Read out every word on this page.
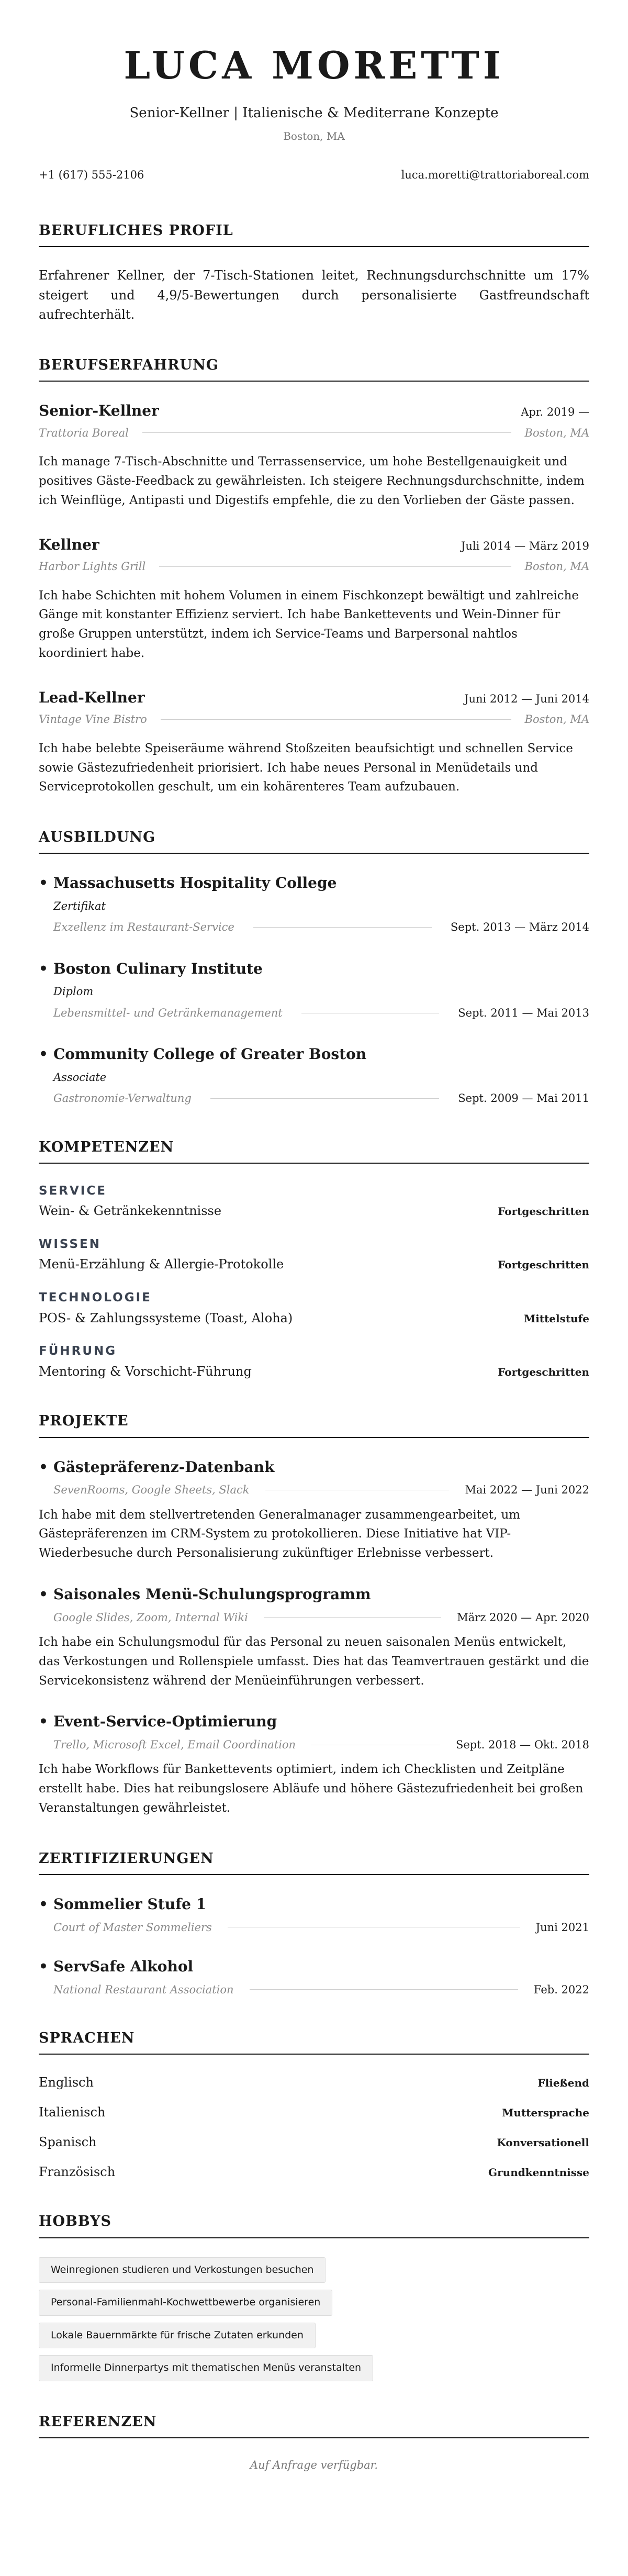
LUCA MORETTI
Senior-Kellner | Italienische & Mediterrane Konzepte
Boston, MA
+1 (617) 555-2106	luca.moretti@trattoriaboreal.com
BERUFLICHES PROFIL

Erfahrener Kellner, der 7-Tisch-Stationen leitet, Rechnungsdurchschnitte um 17% steigert und 4,9/5-Bewertungen durch personalisierte Gastfreundschaft aufrechterhält.

BERUFSERFAHRUNG
Senior-Kellner	Apr. 2019 —
Trattoria Boreal	Boston, MA

Ich manage 7-Tisch-Abschnitte und Terrassenservice, um hohe Bestellgenauigkeit und positives Gäste-Feedback zu gewährleisten. Ich steigere Rechnungsdurchschnitte, indem ich Weinflüge, Antipasti und Digestifs empfehle, die zu den Vorlieben der Gäste passen.

Kellner	Juli 2014 — März 2019
Harbor Lights Grill	Boston, MA

Ich habe Schichten mit hohem Volumen in einem Fischkonzept bewältigt und zahlreiche Gänge mit konstanter Effizienz serviert. Ich habe Bankettevents und Wein-Dinner für große Gruppen unterstützt, indem ich Service-Teams und Barpersonal nahtlos koordiniert habe.

Lead-Kellner	Juni 2012 — Juni 2014
Vintage Vine Bistro	Boston, MA

Ich habe belebte Speiseräume während Stoßzeiten beaufsichtigt und schnellen Service sowie Gästezufriedenheit priorisiert. Ich habe neues Personal in Menüdetails und Serviceprotokollen geschult, um ein kohärenteres Team aufzubauen.

AUSBILDUNG
• Massachusetts Hospitality College
Zertifikat
Exzellenz im Restaurant-Service	Sept. 2013 — März 2014
• Boston Culinary Institute
Diplom
Lebensmittel- und Getränkemanagement	Sept. 2011 — Mai 2013
• Community College of Greater Boston
Associate
Gastronomie-Verwaltung	Sept. 2009 — Mai 2011
KOMPETENZEN
SERVICE
Wein- & Getränkekenntnisse	Fortgeschritten
WISSEN
Menü-Erzählung & Allergie-Protokolle	Fortgeschritten
TECHNOLOGIE
POS- & Zahlungssysteme (Toast, Aloha)	Mittelstufe
FÜHRUNG
Mentoring & Vorschicht-Führung	Fortgeschritten
PROJEKTE
• Gästepräferenz-Datenbank
SevenRooms, Google Sheets, Slack	Mai 2022 — Juni 2022

Ich habe mit dem stellvertretenden Generalmanager zusammengearbeitet, um Gästepräferenzen im CRM-System zu protokollieren. Diese Initiative hat VIP-Wiederbesuche durch Personalisierung zukünftiger Erlebnisse verbessert.

• Saisonales Menü-Schulungsprogramm
Google Slides, Zoom, Internal Wiki	März 2020 — Apr. 2020

Ich habe ein Schulungsmodul für das Personal zu neuen saisonalen Menüs entwickelt, das Verkostungen und Rollenspiele umfasst. Dies hat das Teamvertrauen gestärkt und die Servicekonsistenz während der Menüeinführungen verbessert.

• Event-Service-Optimierung
Trello, Microsoft Excel, Email Coordination	Sept. 2018 — Okt. 2018

Ich habe Workflows für Bankettevents optimiert, indem ich Checklisten und Zeitpläne erstellt habe. Dies hat reibungslosere Abläufe und höhere Gästezufriedenheit bei großen Veranstaltungen gewährleistet.

ZERTIFIZIERUNGEN
• Sommelier Stufe 1
Court of Master Sommeliers	Juni 2021
• ServSafe Alkohol
National Restaurant Association	Feb. 2022
SPRACHEN
Englisch	Fließend
Italienisch	Muttersprache
Spanisch	Konversationell
Französisch	Grundkenntnisse
HOBBYS
Weinregionen studieren und Verkostungen besuchen
Personal-Familienmahl-Kochwettbewerbe organisieren
Lokale Bauernmärkte für frische Zutaten erkunden
Informelle Dinnerpartys mit thematischen Menüs veranstalten
REFERENZEN

Auf Anfrage verfügbar.
